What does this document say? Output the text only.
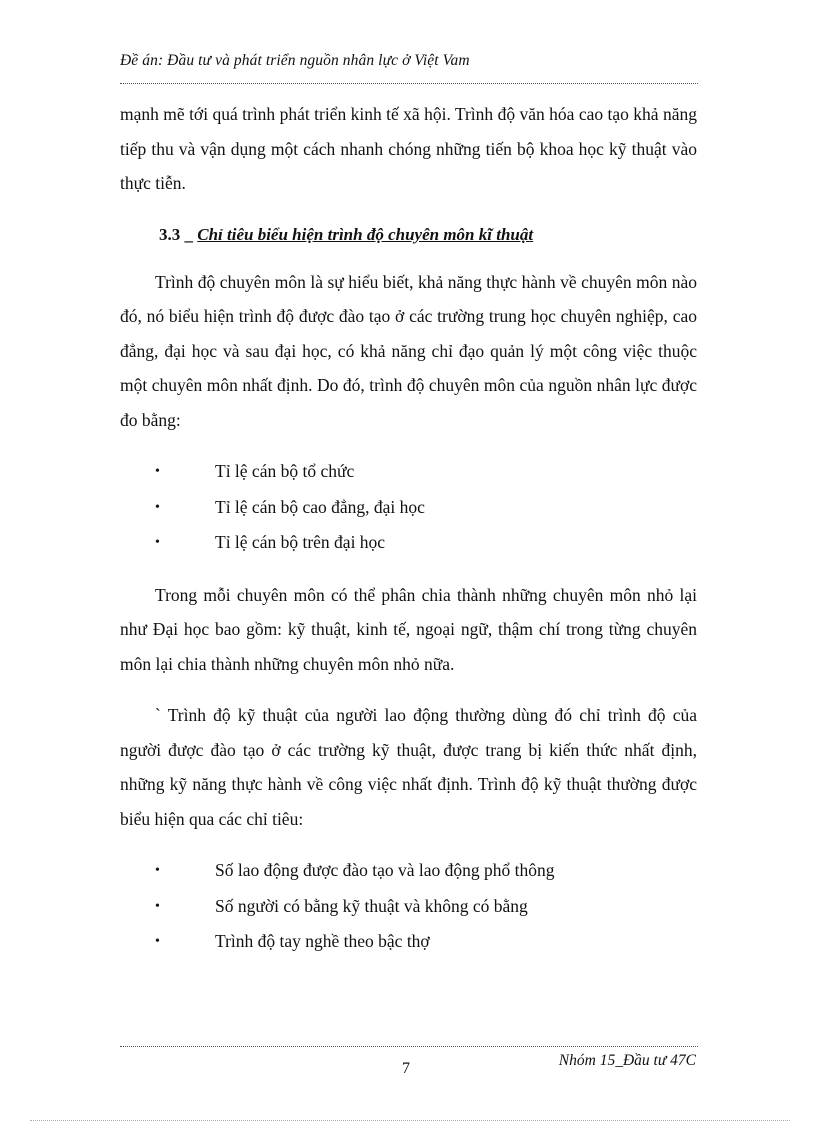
Đề án: Đầu tư và phát triển nguồn nhân lực ở Việt Vam

mạnh mẽ tới quá trình phát triển kinh tế xã hội. Trình độ văn hóa cao tạo khả năng tiếp thu và vận dụng một cách nhanh chóng những tiến bộ khoa học kỹ thuật vào thực tiễn.

3.3 _ Chỉ tiêu biểu hiện trình độ chuyên môn kĩ thuật

Trình độ chuyên môn là sự hiểu biết, khả năng thực hành về chuyên môn nào đó, nó biểu hiện trình độ được đào tạo ở các trường trung học chuyên nghiệp, cao đẳng, đại học và sau đại học, có khả năng chỉ đạo quản lý một công việc thuộc một chuyên môn nhất định. Do đó, trình độ chuyên môn của nguồn nhân lực được đo bằng:

•	Tỉ lệ cán bộ tổ chức
•	Tỉ lệ cán bộ cao đẳng, đại học
•	Tỉ lệ cán bộ trên đại học

Trong mỗi chuyên môn có thể phân chia thành những chuyên môn nhỏ lại như Đại học bao gồm: kỹ thuật, kinh tế, ngoại ngữ, thậm chí trong từng chuyên môn lại chia thành những chuyên môn nhỏ nữa.

` Trình độ kỹ thuật của người lao động thường dùng đó chỉ trình độ của người được đào tạo ở các trường kỹ thuật, được trang bị kiến thức nhất định, những kỹ năng thực hành về công việc nhất định. Trình độ kỹ thuật thường được biểu hiện qua các chỉ tiêu:

•	Số lao động được đào tạo và lao động phổ thông
•	Số người có bằng kỹ thuật và không có bằng
•	Trình độ tay nghề theo bậc thợ
Nhóm 15_Đầu tư 47C
7
